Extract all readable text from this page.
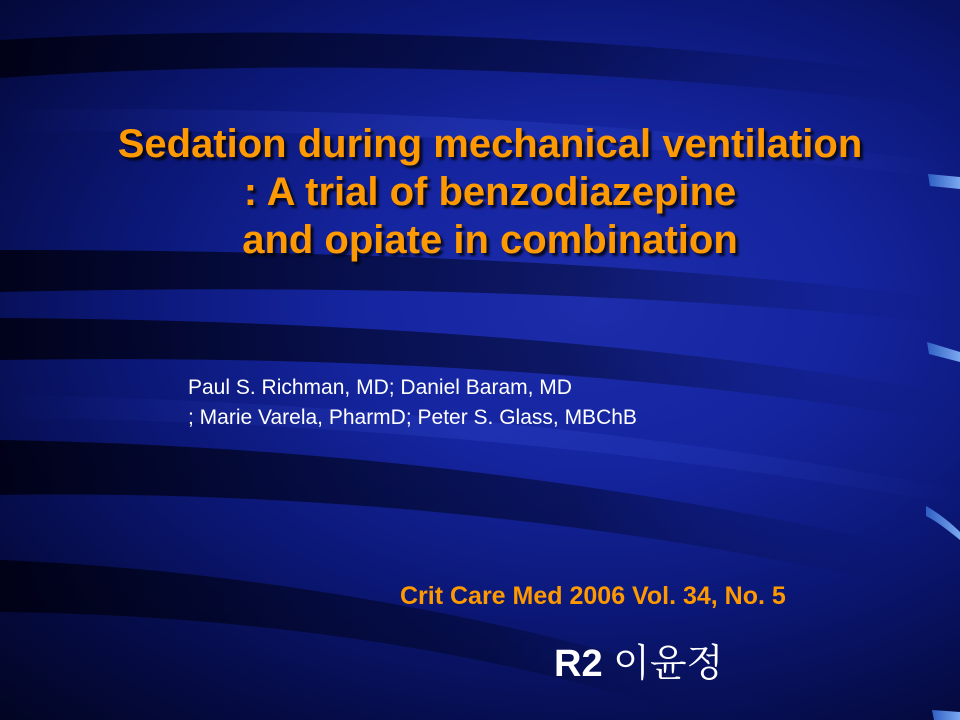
Sedation during mechanical ventilation
: A trial of benzodiazepine
and opiate in combination
Paul S. Richman, MD; Daniel Baram, MD
; Marie Varela, PharmD; Peter S. Glass, MBChB
Crit Care Med 2006 Vol. 34, No. 5
R2 이윤정
